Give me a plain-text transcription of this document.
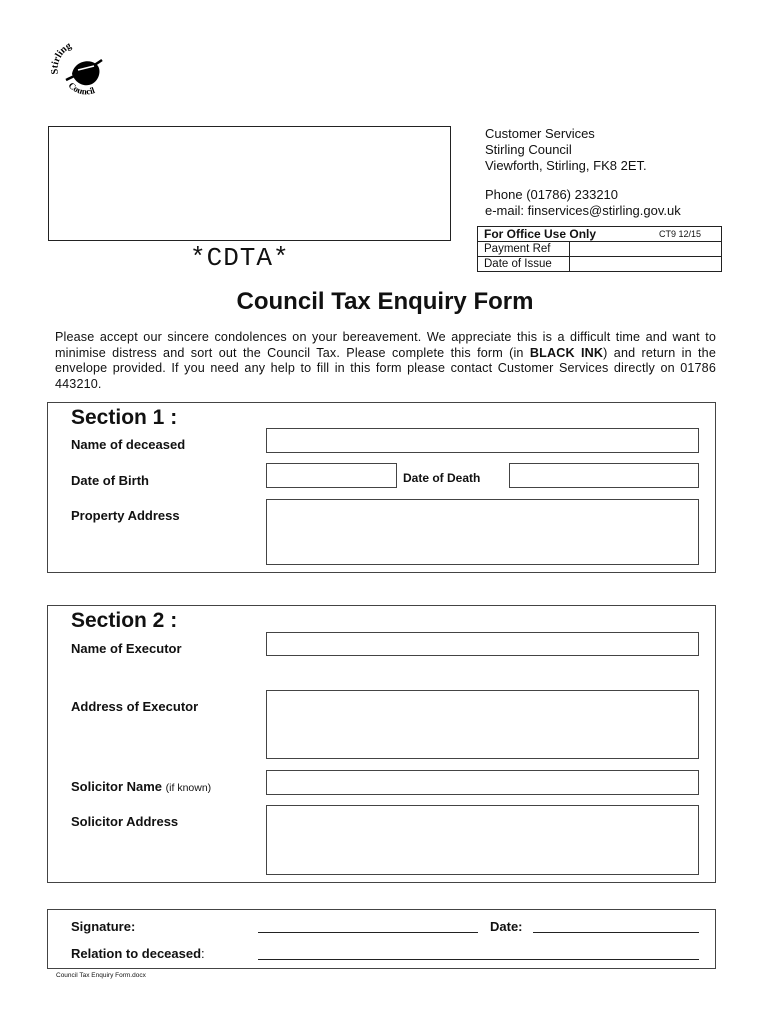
Stirling
Council
*CDTA*
Customer Services
Stirling Council
Viewforth, Stirling, FK8 2ET.
Phone (01786) 233210
e-mail: finservices@stirling.gov.uk
For Office Use Only CT9 12/15	

Payment Ref	
Date of Issue	
Council Tax Enquiry Form

Please accept our sincere condolences on your bereavement. We appreciate this is a difficult time and want to minimise distress and sort out the Council Tax. Please complete this form (in BLACK INK) and return in the envelope provided. If you need any help to fill in this form please contact Customer Services directly on 01786 443210.

Section 1 :
Name of deceased
Date of Birth	Date of Death
Property Address
Section 2 :
Name of Executor
Address of Executor
Solicitor Name (if known)
Solicitor Address
Signature:	Date:
Relation to deceased:
Council Tax Enquiry Form.docx
